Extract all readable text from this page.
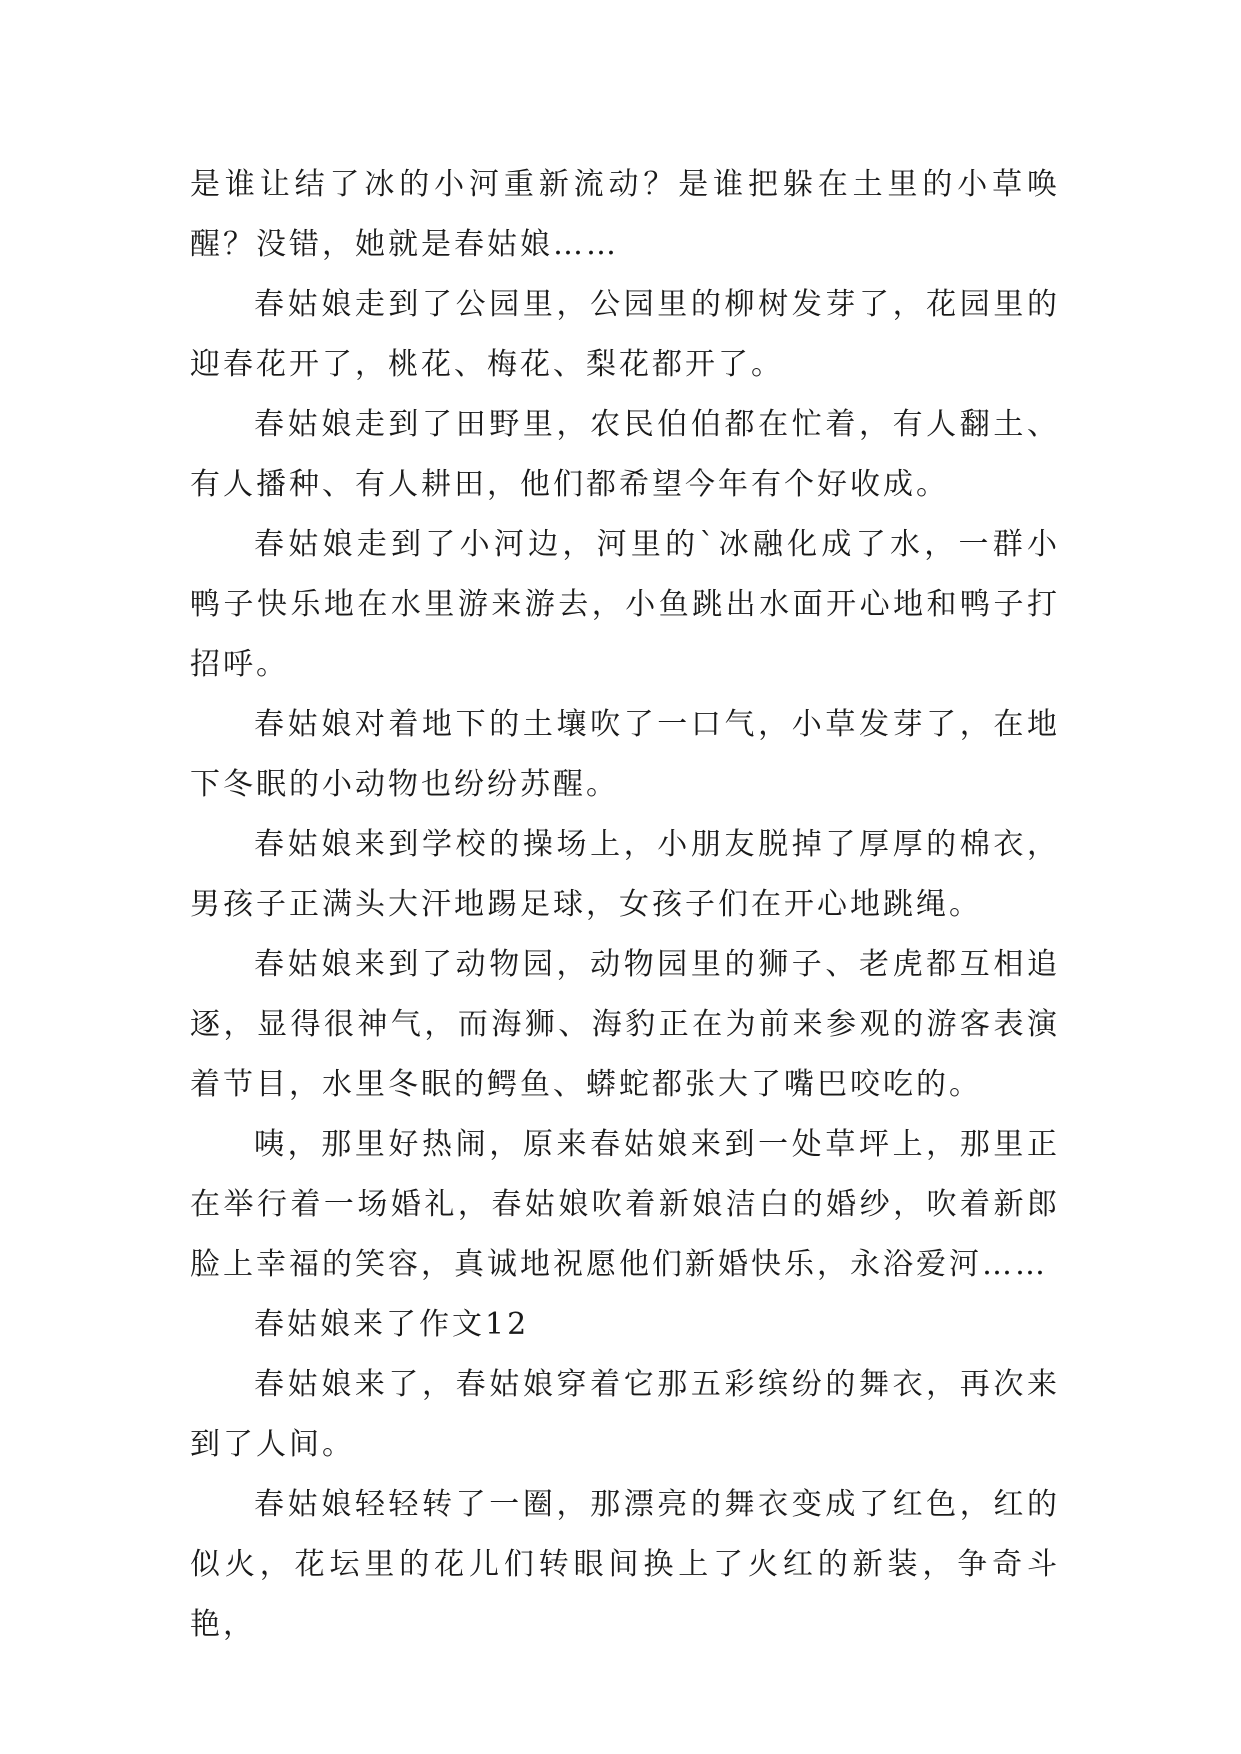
是谁让结了冰的小河重新流动？是谁把躲在土里的小草唤醒？没错，她就是春姑娘……

春姑娘走到了公园里，公园里的柳树发芽了，花园里的迎春花开了，桃花、梅花、梨花都开了。

春姑娘走到了田野里，农民伯伯都在忙着，有人翻土、有人播种、有人耕田，他们都希望今年有个好收成。

春姑娘走到了小河边，河里的`冰融化成了水，一群小鸭子快乐地在水里游来游去，小鱼跳出水面开心地和鸭子打招呼。

春姑娘对着地下的土壤吹了一口气，小草发芽了，在地下冬眠的小动物也纷纷苏醒。

春姑娘来到学校的操场上，小朋友脱掉了厚厚的棉衣，男孩子正满头大汗地踢足球，女孩子们在开心地跳绳。

春姑娘来到了动物园，动物园里的狮子、老虎都互相追逐，显得很神气，而海狮、海豹正在为前来参观的游客表演着节目，水里冬眠的鳄鱼、蟒蛇都张大了嘴巴咬吃的。

咦，那里好热闹，原来春姑娘来到一处草坪上，那里正在举行着一场婚礼，春姑娘吹着新娘洁白的婚纱，吹着新郎脸上幸福的笑容，真诚地祝愿他们新婚快乐，永浴爱河……

春姑娘来了作文12

春姑娘来了，春姑娘穿着它那五彩缤纷的舞衣，再次来到了人间。

春姑娘轻轻转了一圈，那漂亮的舞衣变成了红色，红的似火，花坛里的花儿们转眼间换上了火红的新装，争奇斗艳，
